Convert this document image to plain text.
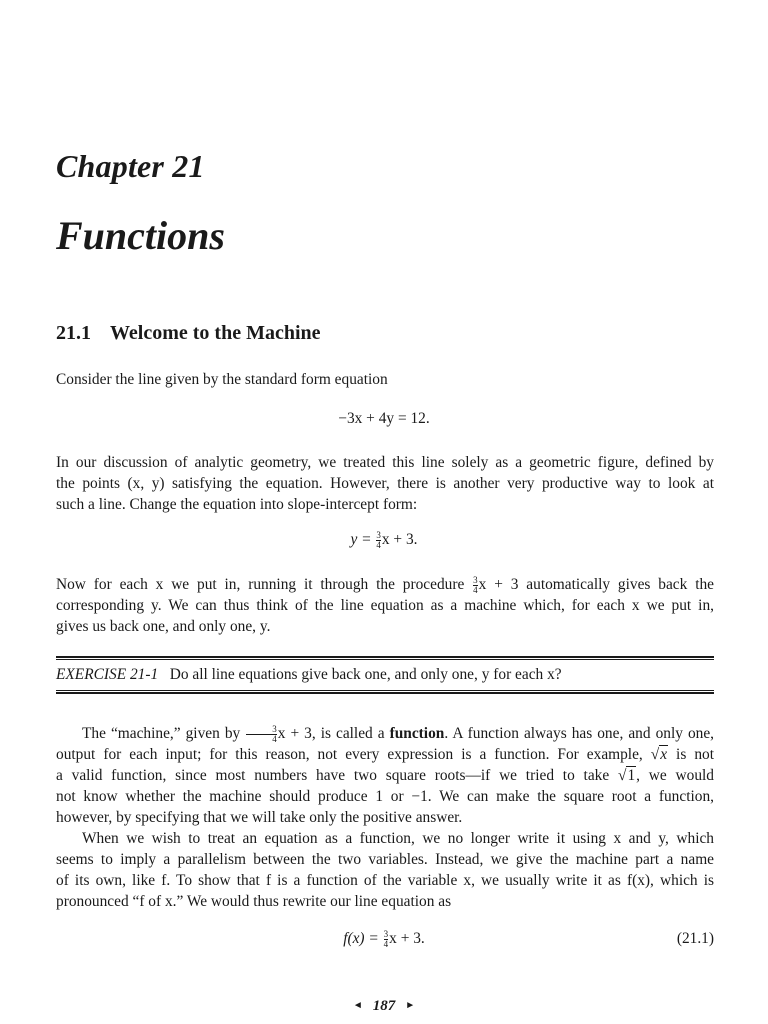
Chapter 21
Functions
21.1 Welcome to the Machine
Consider the line given by the standard form equation
−3x + 4y = 12.
In our discussion of analytic geometry, we treated this line solely as a geometric figure, defined by
the points (x, y) satisfying the equation. However, there is another very productive way to look at
such a line. Change the equation into slope-intercept form:
$y = \frac{3}{4}$ x + 3.
Now for each x we put in, running it through the procedure $\frac{3}{4}$ x + 3 automatically gives back the
corresponding y. We can thus think of the line equation as a machine which, for each x we put in,
gives us back one, and only one, y.
EXERCISE 21-1 Do all line equations give back one, and only one, y for each x?
The “machine,” given by $\frac{3}{4}$ x + 3, is called a function. A function always has one, and only one,
output for each input; for this reason, not every expression is a function. For example, √x is not
a valid function, since most numbers have two square roots—if we tried to take √1, we would
not know whether the machine should produce 1 or −1. We can make the square root a function,
however, by specifying that we will take only the positive answer.
When we wish to treat an equation as a function, we no longer write it using x and y, which
seems to imply a parallelism between the two variables. Instead, we give the machine part a name
of its own, like f. To show that f is a function of the variable x, we usually write it as f(x), which is
pronounced “f of x.” We would thus rewrite our line equation as
$f(x) = \frac{3}{4}$ x + 3.	(21.1)
◄ 187 ►
